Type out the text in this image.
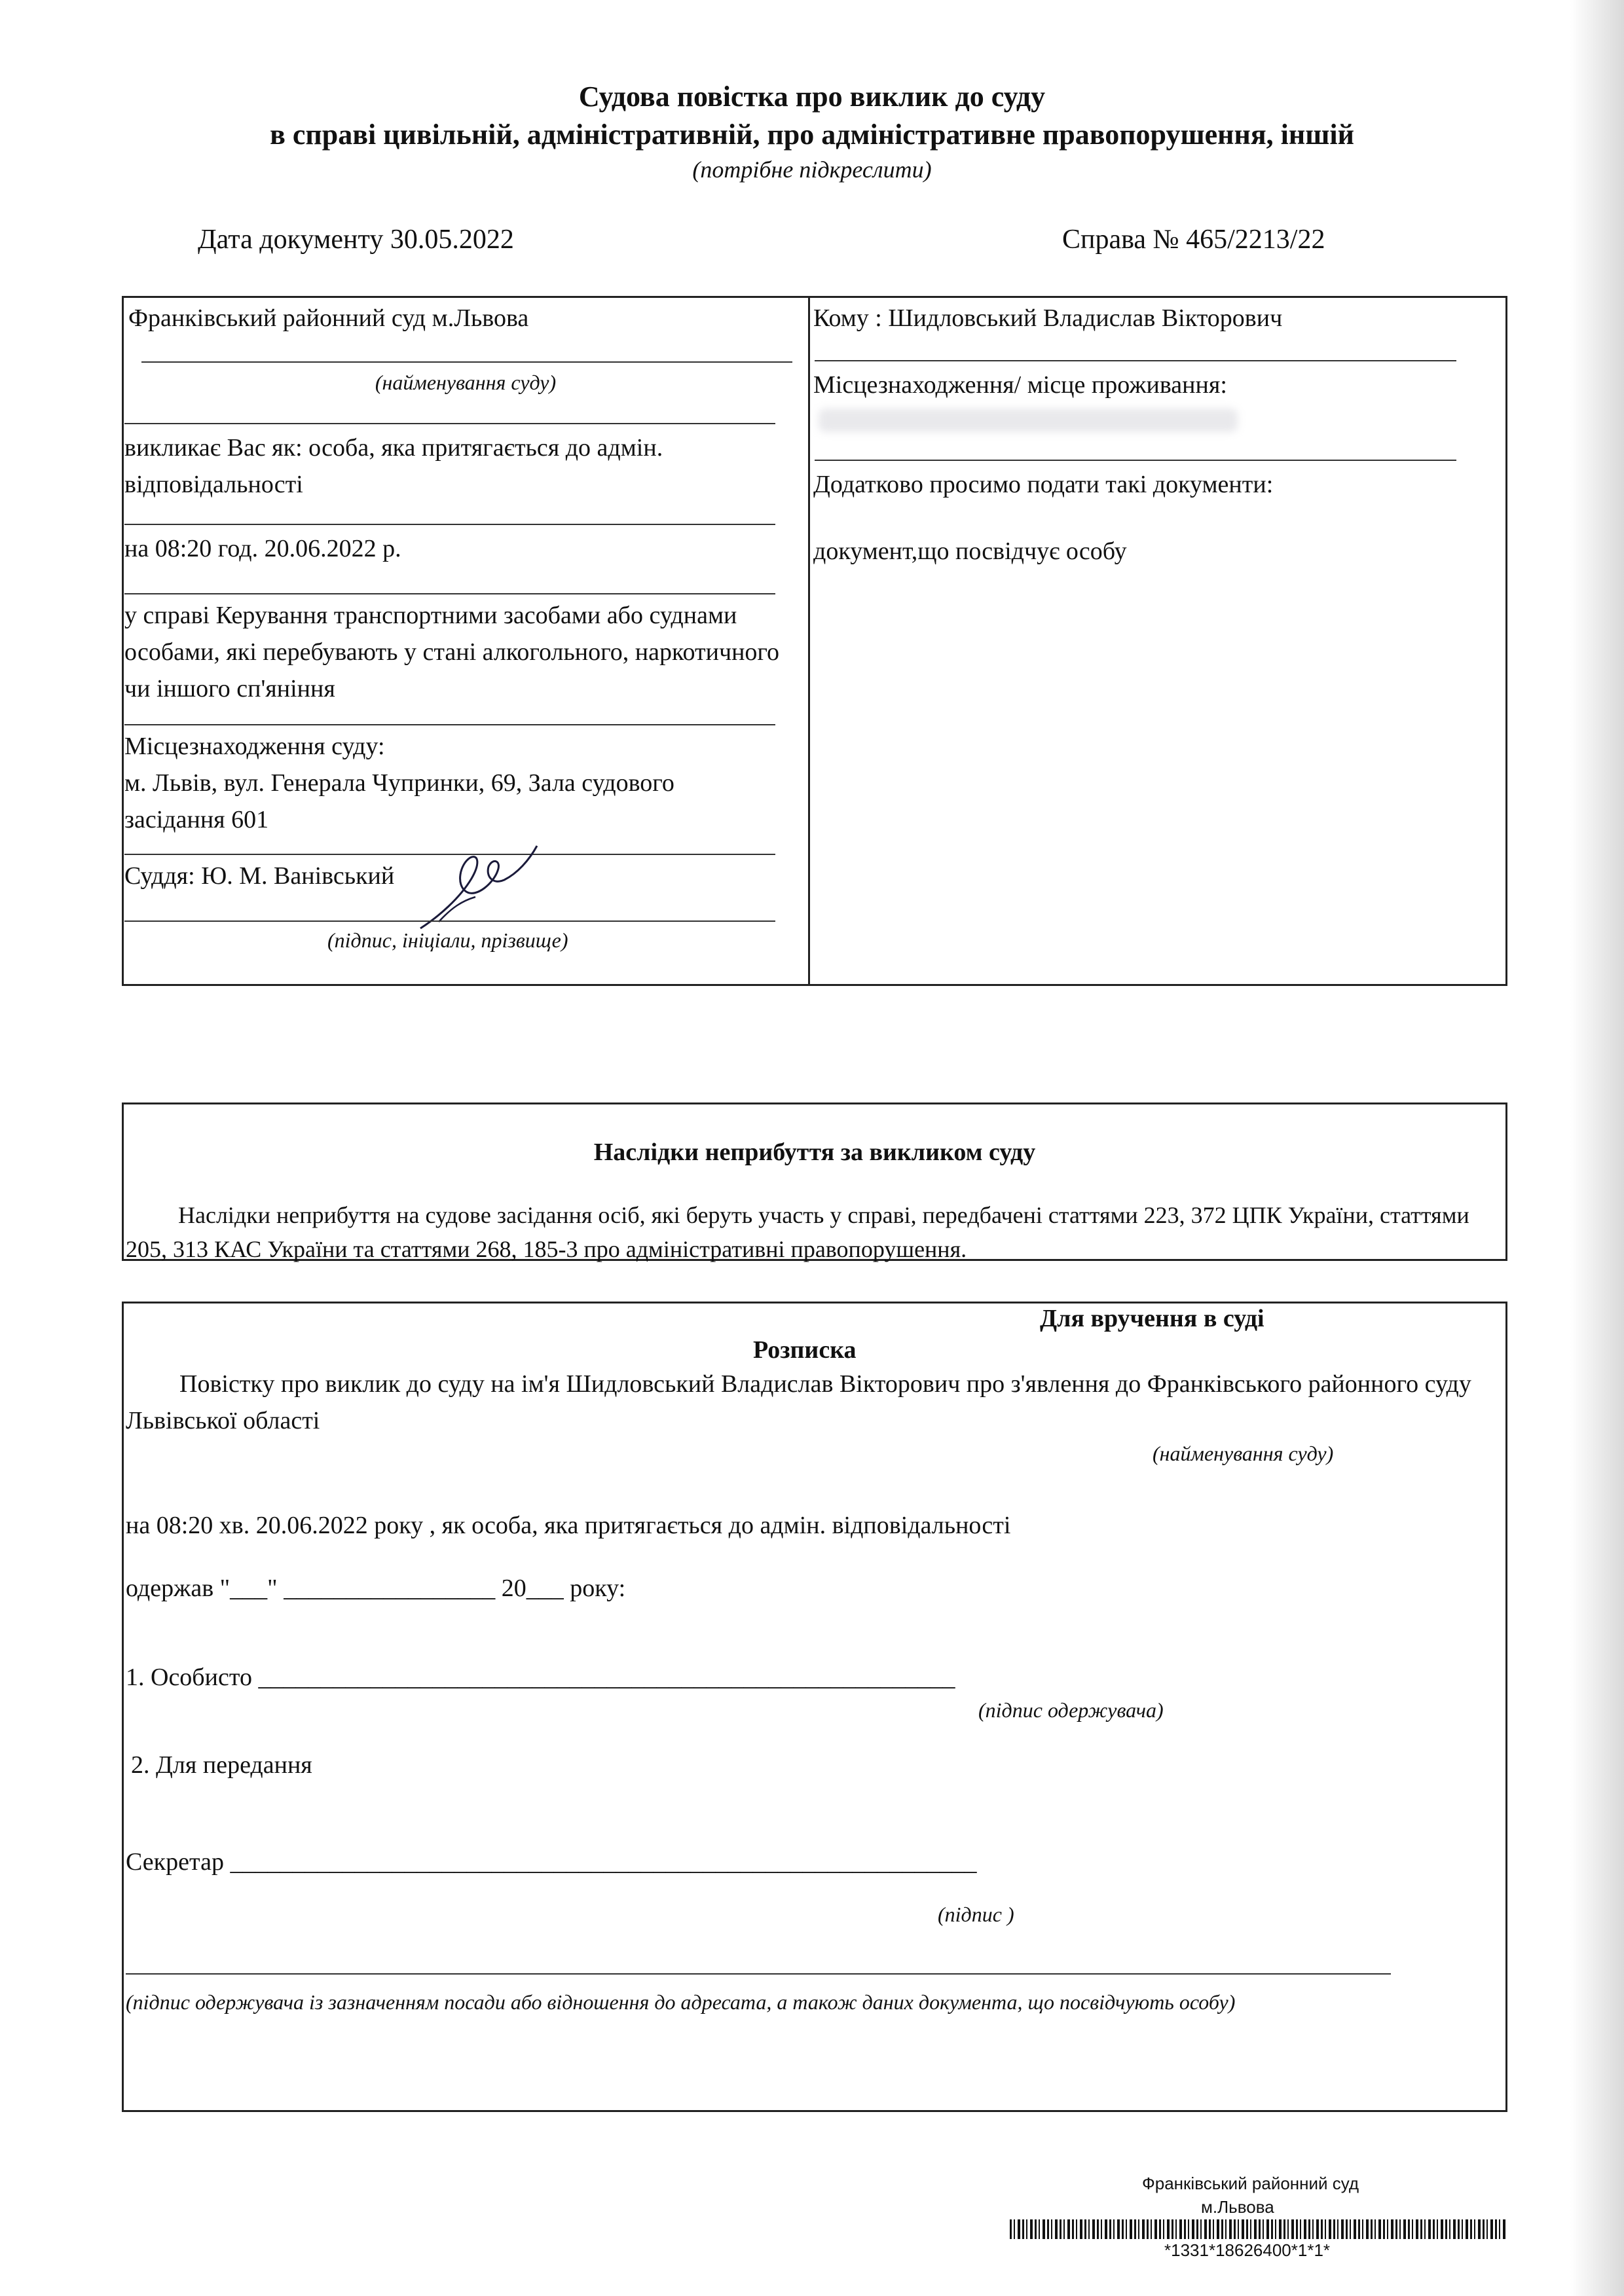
Судова повістка про виклик до суду
в справі цивільній, адміністративній, про адміністративне правопорушення, іншій
(потрібне підкреслити)
Дата документу 30.05.2022	Справа № 465/2213/22
Франківський районний суд м.Львова
(найменування суду)
викликає Вас як: особа, яка притягається до адмін. відповідальності
на 08:20 год. 20.06.2022 р.
у справі Керування транспортними засобами або суднами особами, які перебувають у стані алкогольного, наркотичного чи іншого сп'яніння
Місцезнаходження суду:
м. Львів, вул. Генерала Чупринки, 69, Зала судового засідання 601
Суддя: Ю. М. Ванівський
(підпис, ініціали, прізвище)
Кому : Шидловський Владислав Вікторович
Місцезнаходження/ місце проживання:
Додатково просимо подати такі документи:
документ,що посвідчує особу
Наслідки неприбуття за викликом суду
Наслідки неприбуття на судове засідання осіб, які беруть участь у справі, передбачені статтями 223, 372 ЦПК України, статтями 205, 313 КАС України та статтями 268, 185-3 про адміністративні правопорушення.
Для вручення в суді
Розписка
Повістку про виклик до суду на ім'я Шидловський Владислав Вікторович про з'явлення до Франківського районного суду Львівської області
(найменування суду)
на 08:20 хв. 20.06.2022 року , як особа, яка притягається до адмін. відповідальності
одержав "___" _________________ 20___ року:
1. Особисто ________________________________________________________
(підпис одержувача)
2. Для передання
Секретар ____________________________________________________________
(підпис )
(підпис одержувача із зазначенням посади або відношення до адресата, а також даних документа, що посвідчують особу)
Франківський районний суд
м.Львова
*1331*18626400*1*1*
